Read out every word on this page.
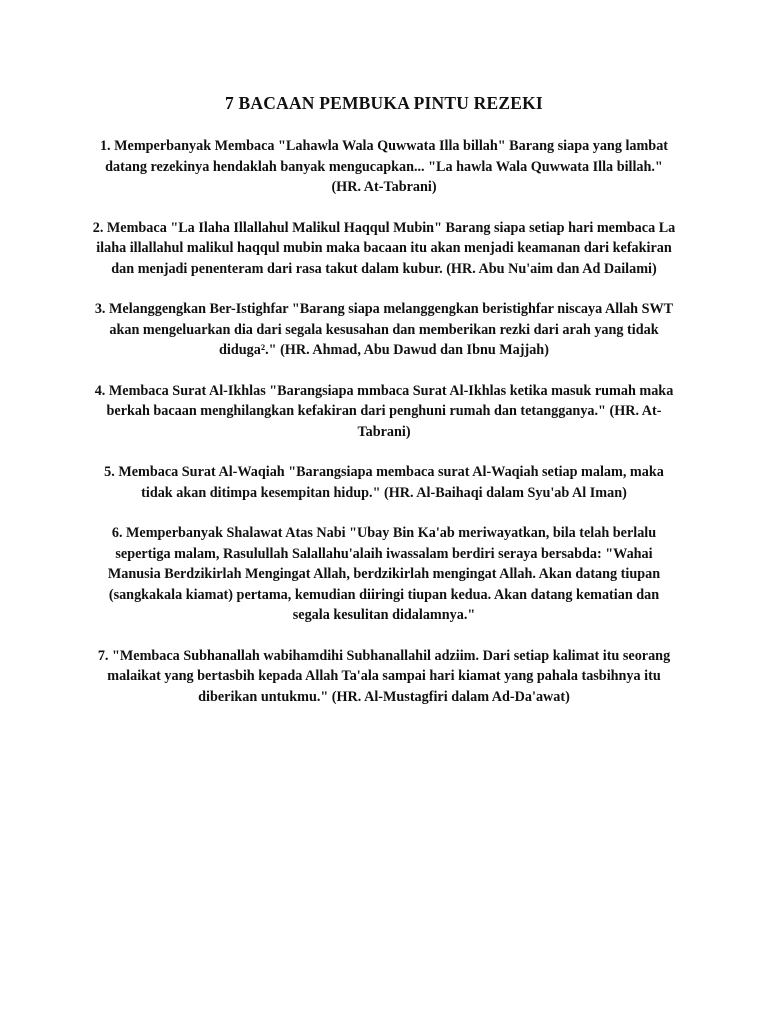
7 BACAAN PEMBUKA PINTU REZEKI
1. Memperbanyak Membaca "Lahawla Wala Quwwata Illa billah" Barang siapa yang lambat datang rezekinya hendaklah banyak mengucapkan... "La hawla Wala Quwwata Illa billah." (HR. At-Tabrani)
2. Membaca "La Ilaha Illallahul Malikul Haqqul Mubin" Barang siapa setiap hari membaca La ilaha illallahul malikul haqqul mubin maka bacaan itu akan menjadi keamanan dari kefakiran dan menjadi penenteram dari rasa takut dalam kubur. (HR. Abu Nu'aim dan Ad Dailami)
3. Melanggengkan Ber-Istighfar "Barang siapa melanggengkan beristighfar niscaya Allah SWT akan mengeluarkan dia dari segala kesusahan dan memberikan rezki dari arah yang tidak diduga²." (HR. Ahmad, Abu Dawud dan Ibnu Majjah)
4. Membaca Surat Al-Ikhlas "Barangsiapa mmbaca Surat Al-Ikhlas ketika masuk rumah maka berkah bacaan menghilangkan kefakiran dari penghuni rumah dan tetangganya." (HR. At-Tabrani)
5. Membaca Surat Al-Waqiah "Barangsiapa membaca surat Al-Waqiah setiap malam, maka tidak akan ditimpa kesempitan hidup." (HR. Al-Baihaqi dalam Syu'ab Al Iman)
6. Memperbanyak Shalawat Atas Nabi "Ubay Bin Ka'ab meriwayatkan, bila telah berlalu sepertiga malam, Rasulullah Salallahu'alaih iwassalam berdiri seraya bersabda: "Wahai Manusia Berdzikirlah Mengingat Allah, berdzikirlah mengingat Allah. Akan datang tiupan (sangkakala kiamat) pertama, kemudian diiringi tiupan kedua. Akan datang kematian dan segala kesulitan didalamnya."
7. "Membaca Subhanallah wabihamdihi Subhanallahil adziim. Dari setiap kalimat itu seorang malaikat yang bertasbih kepada Allah Ta'ala sampai hari kiamat yang pahala tasbihnya itu diberikan untukmu." (HR. Al-Mustagfiri dalam Ad-Da'awat)
